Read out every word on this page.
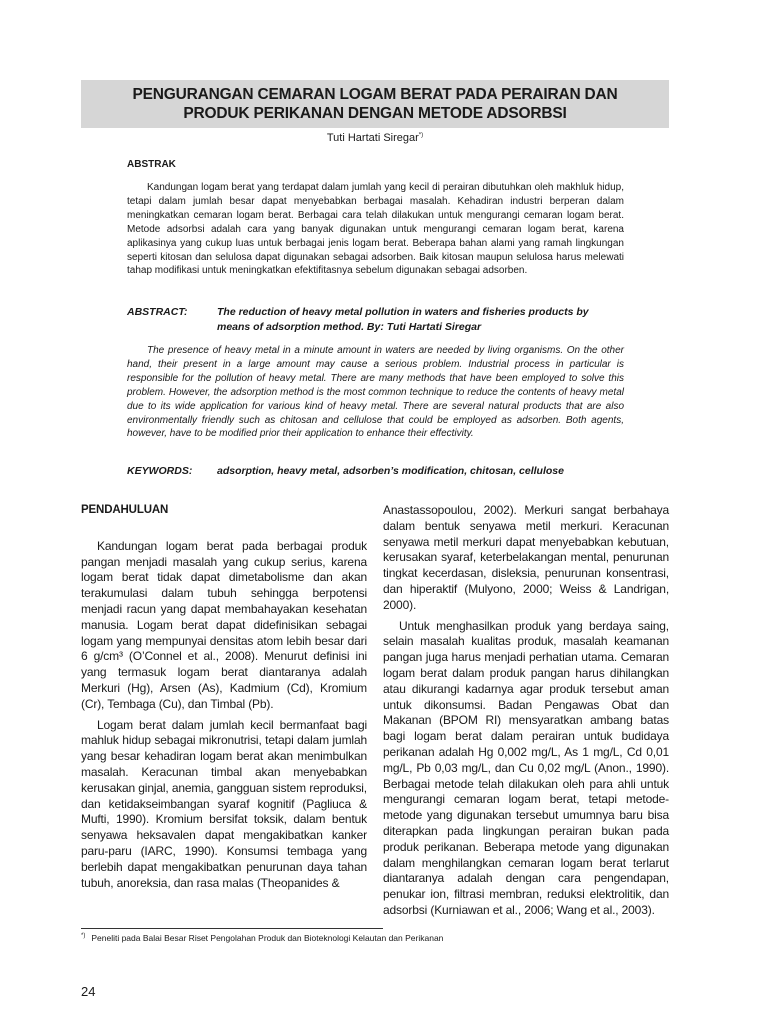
PENGURANGAN CEMARAN LOGAM BERAT PADA PERAIRAN DAN
PRODUK PERIKANAN DENGAN METODE ADSORBSI
Tuti Hartati Siregar*)
ABSTRAK

Kandungan logam berat yang terdapat dalam jumlah yang kecil di perairan dibutuhkan oleh makhluk hidup, tetapi dalam jumlah besar dapat menyebabkan berbagai masalah. Kehadiran industri berperan dalam meningkatkan cemaran logam berat. Berbagai cara telah dilakukan untuk mengurangi cemaran logam berat. Metode adsorbsi adalah cara yang banyak digunakan untuk mengurangi cemaran logam berat, karena aplikasinya yang cukup luas untuk berbagai jenis logam berat. Beberapa bahan alami yang ramah lingkungan seperti kitosan dan selulosa dapat digunakan sebagai adsorben. Baik kitosan maupun selulosa harus melewati tahap modifikasi untuk meningkatkan efektifitasnya sebelum digunakan sebagai adsorben.

ABSTRACT:	The reduction of heavy metal pollution in waters and fisheries products by means of adsorption method. By: Tuti Hartati Siregar

The presence of heavy metal in a minute amount in waters are needed by living organisms. On the other hand, their present in a large amount may cause a serious problem. Industrial process in particular is responsible for the pollution of heavy metal. There are many methods that have been employed to solve this problem. However, the adsorption method is the most common technique to reduce the contents of heavy metal due to its wide application for various kind of heavy metal. There are several natural products that are also environmentally friendly such as chitosan and cellulose that could be employed as adsorben. Both agents, however, have to be modified prior their application to enhance their effectivity.

KEYWORDS:	adsorption, heavy metal, adsorben’s modification, chitosan, cellulose
PENDAHULUAN

Kandungan logam berat pada berbagai produk pangan menjadi masalah yang cukup serius, karena logam berat tidak dapat dimetabolisme dan akan terakumulasi dalam tubuh sehingga berpotensi menjadi racun yang dapat membahayakan kesehatan manusia. Logam berat dapat didefinisikan sebagai logam yang mempunyai densitas atom lebih besar dari 6 g/cm³ (O’Connel et al., 2008). Menurut definisi ini yang termasuk logam berat diantaranya adalah Merkuri (Hg), Arsen (As), Kadmium (Cd), Kromium (Cr), Tembaga (Cu), dan Timbal (Pb).

Logam berat dalam jumlah kecil bermanfaat bagi mahluk hidup sebagai mikronutrisi, tetapi dalam jumlah yang besar kehadiran logam berat akan menimbulkan masalah. Keracunan timbal akan menyebabkan kerusakan ginjal, anemia, gangguan sistem reproduksi, dan ketidakseimbangan syaraf kognitif (Pagliuca & Mufti, 1990). Kromium bersifat toksik, dalam bentuk senyawa heksavalen dapat mengakibatkan kanker paru-paru (IARC, 1990). Konsumsi tembaga yang berlebih dapat mengakibatkan penurunan daya tahan tubuh, anoreksia, dan rasa malas (Theopanides &

Anastassopoulou, 2002). Merkuri sangat berbahaya dalam bentuk senyawa metil merkuri. Keracunan senyawa metil merkuri dapat menyebabkan kebutuan, kerusakan syaraf, keterbelakangan mental, penurunan tingkat kecerdasan, disleksia, penurunan konsentrasi, dan hiperaktif (Mulyono, 2000; Weiss & Landrigan, 2000).

Untuk menghasilkan produk yang berdaya saing, selain masalah kualitas produk, masalah keamanan pangan juga harus menjadi perhatian utama. Cemaran logam berat dalam produk pangan harus dihilangkan atau dikurangi kadarnya agar produk tersebut aman untuk dikonsumsi. Badan Pengawas Obat dan Makanan (BPOM RI) mensyaratkan ambang batas bagi logam berat dalam perairan untuk budidaya perikanan adalah Hg 0,002 mg/L, As 1 mg/L, Cd 0,01 mg/L, Pb 0,03 mg/L, dan Cu 0,02 mg/L (Anon., 1990). Berbagai metode telah dilakukan oleh para ahli untuk mengurangi cemaran logam berat, tetapi metode-metode yang digunakan tersebut umumnya baru bisa diterapkan pada lingkungan perairan bukan pada produk perikanan. Beberapa metode yang digunakan dalam menghilangkan cemaran logam berat terlarut diantaranya adalah dengan cara pengendapan, penukar ion, filtrasi membran, reduksi elektrolitik, dan adsorbsi (Kurniawan et al., 2006; Wang et al., 2003).

*) Peneliti pada Balai Besar Riset Pengolahan Produk dan Bioteknologi Kelautan dan Perikanan
24
